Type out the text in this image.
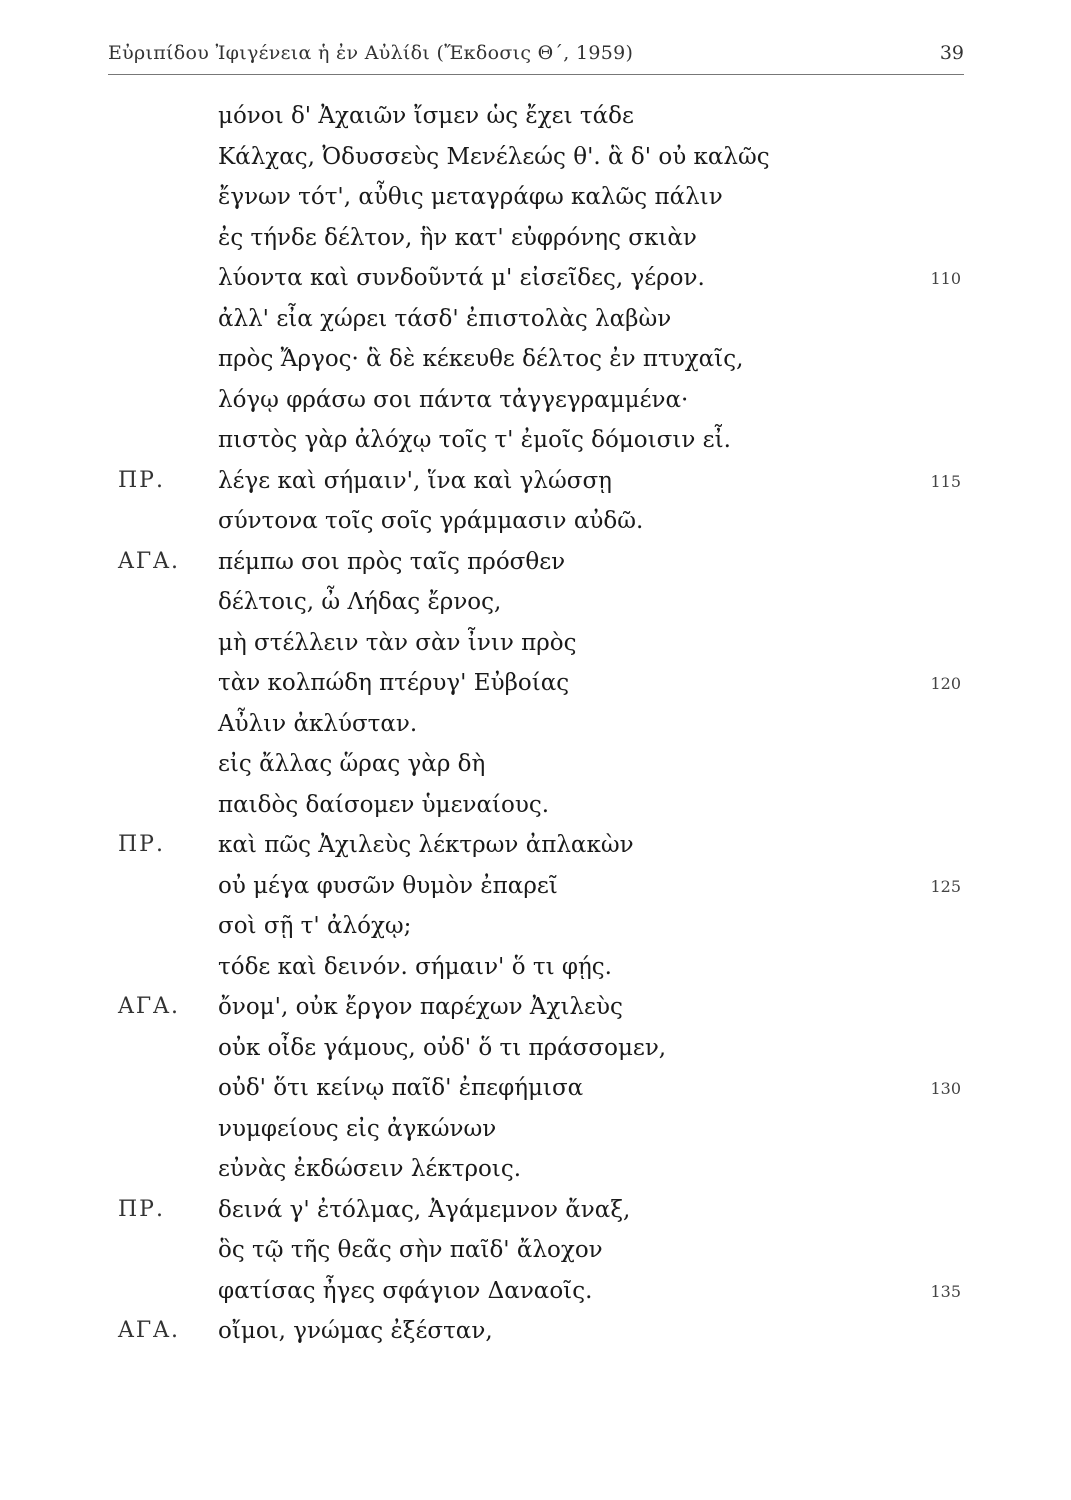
Εὐριπίδου Ἰφιγένεια ἡ ἐν Αὐλίδι (Ἔκδοσις Θ΄, 1959)	39
μόνοι δ' Ἀχαιῶν ἴσμεν ὡς ἔχει τάδε
Κάλχας, Ὀδυσσεὺς Μενέλεώς θ'. ἃ δ' οὐ καλῶς
ἔγνων τότ', αὖθις μεταγράφω καλῶς πάλιν
ἐς τήνδε δέλτον, ἣν κατ' εὐφρόνης σκιὰν
λύοντα καὶ συνδοῦντά μ' εἰσεῖδες, γέρον.	110
ἀλλ' εἶα χώρει τάσδ' ἐπιστολὰς λαβὼν
πρὸς Ἄργος· ἃ δὲ κέκευθε δέλτος ἐν πτυχαῖς,
λόγῳ φράσω σοι πάντα τἀγγεγραμμένα·
πιστὸς γὰρ ἀλόχῳ τοῖς τ' ἐμοῖς δόμοισιν εἶ.
ΠΡ. λέγε καὶ σήμαιν', ἵνα καὶ γλώσσῃ	115
σύντονα τοῖς σοῖς γράμμασιν αὐδῶ.
ΑΓΑ. πέμπω σοι πρὸς ταῖς πρόσθεν
δέλτοις, ὦ Λήδας ἔρνος,
μὴ στέλλειν τὰν σὰν ἶνιν πρὸς
τὰν κολπώδη πτέρυγ' Εὐβοίας	120
Αὖλιν ἀκλύσταν.
εἰς ἄλλας ὥρας γὰρ δὴ
παιδὸς δαίσομεν ὑμεναίους.
ΠΡ. καὶ πῶς Ἀχιλεὺς λέκτρων ἀπλακὼν
οὐ μέγα φυσῶν θυμὸν ἐπαρεῖ	125
σοὶ σῇ τ' ἀλόχῳ;
τόδε καὶ δεινόν. σήμαιν' ὅ τι φῄς.
ΑΓΑ. ὄνομ', οὐκ ἔργον παρέχων Ἀχιλεὺς
οὐκ οἶδε γάμους, οὐδ' ὅ τι πράσσομεν,
οὐδ' ὅτι κείνῳ παῖδ' ἐπεφήμισα	130
νυμφείους εἰς ἀγκώνων
εὐνὰς ἐκδώσειν λέκτροις.
ΠΡ. δεινά γ' ἐτόλμας, Ἀγάμεμνον ἄναξ,
ὃς τῷ τῆς θεᾶς σὴν παῖδ' ἄλοχον
φατίσας ἦγες σφάγιον Δαναοῖς.	135
ΑΓΑ. οἴμοι, γνώμας ἐξέσταν,
